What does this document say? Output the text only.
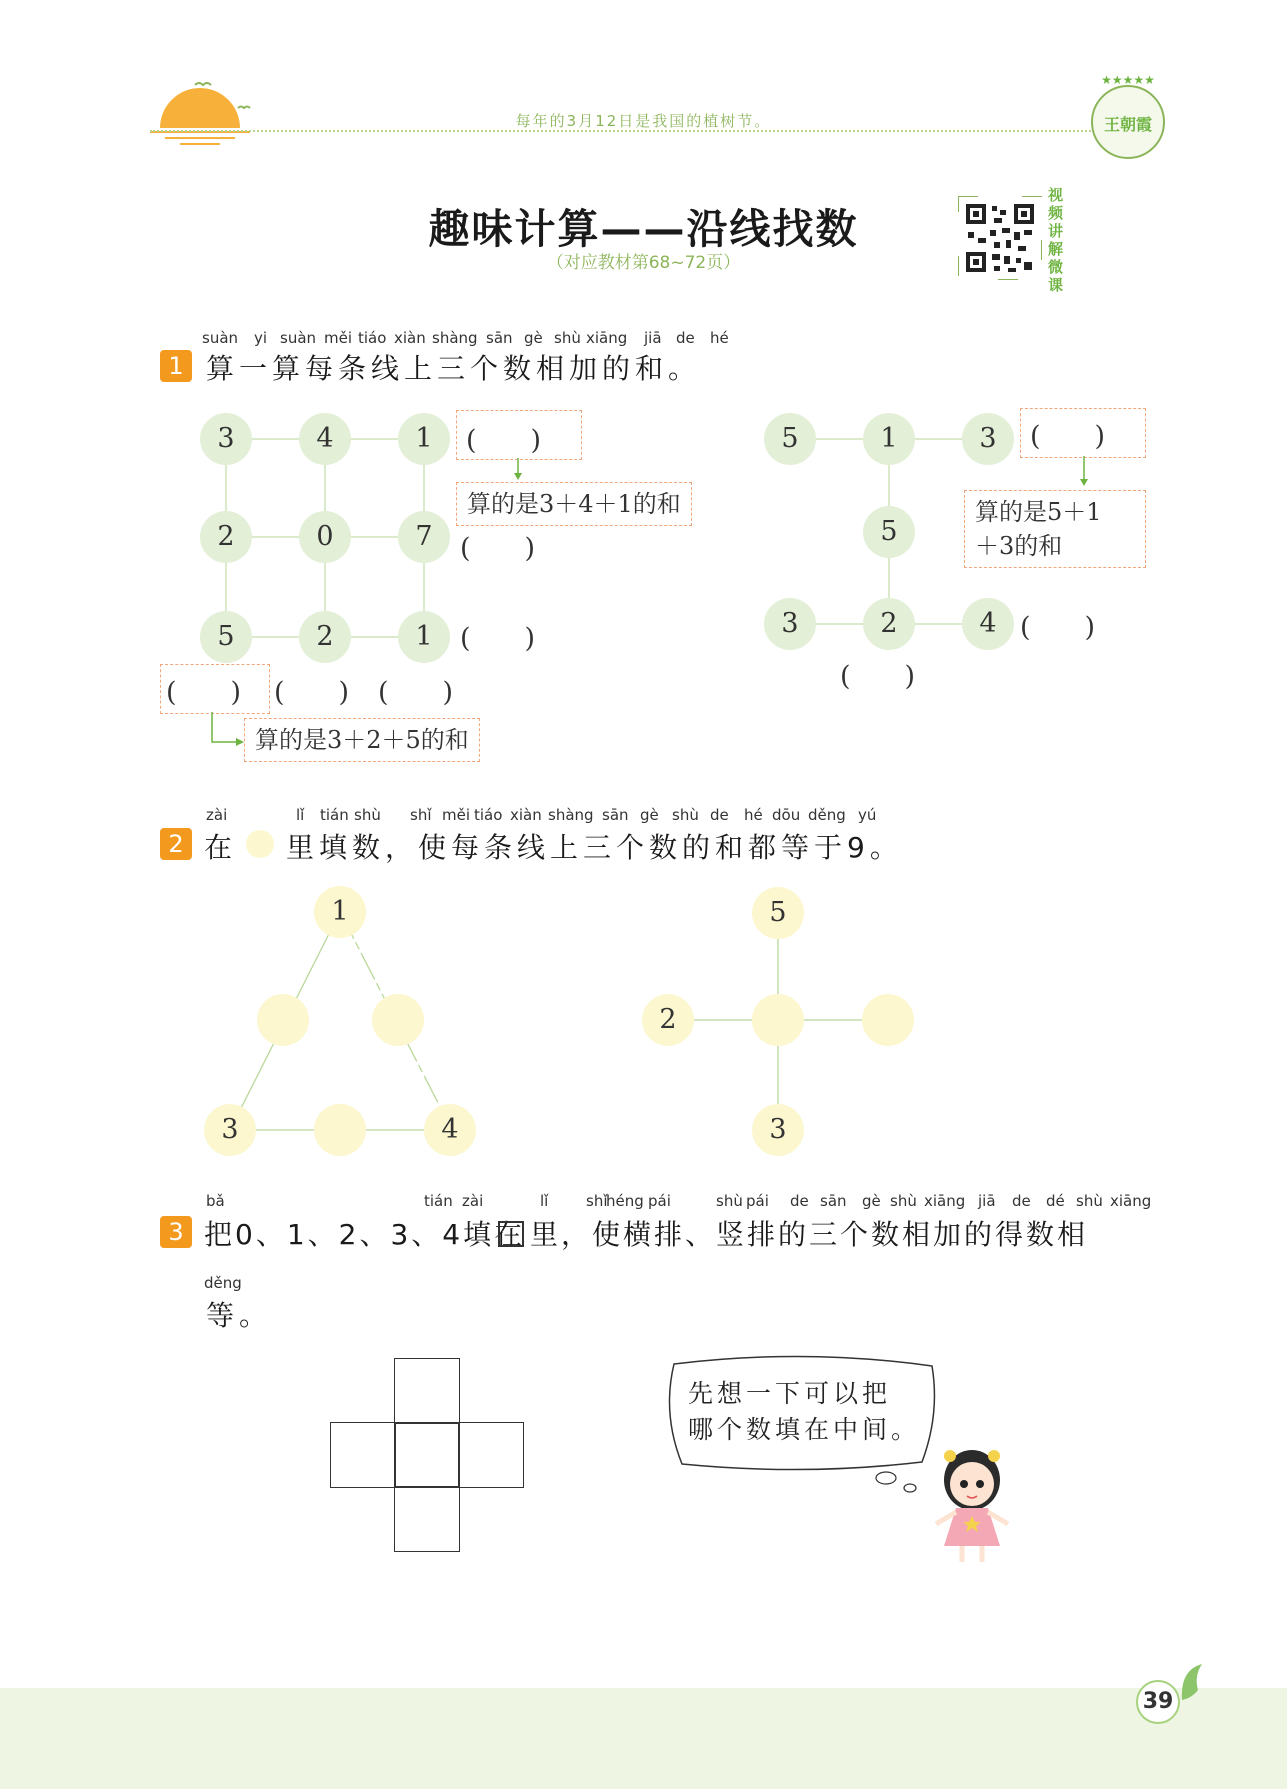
每年的3月12日是我国的植树节。
★★★★★
王朝霞
趣味计算——沿线找数
（对应教材第68~72页）
视频讲解微课
suàn yi suàn měi tiáo xiàn shàng sān gè shù xiāng jiā de hé
1 算一算每条线上三个数相加的和。
3	4	1
2	0	7
5	2	1
(　　)
算的是3＋4＋1的和
(　　)
(　　)
(　　) (　　) (　　)
算的是3＋2＋5的和
5	1	3
5
3	2	4
(　　)
算的是5＋1
＋3的和
(　　)
(　　)
zài	lǐ tián shù shǐ měi tiáo xiàn shàng sān gè shù de hé dōu děng yú
2 在 里填数，使每条线上三个数的和都等于9。
1
3	4
5
2
3
bǎ	tián zài	lǐ	shǐ
héng pái	shù pái de sān gè shù xiāng jiā de dé shù xiāng
3 把0、1、2、3、4填在 里，使横排、竖排的三个数相加的得数相
děng
等。
先想一下可以把
哪个数填在中间。
39
